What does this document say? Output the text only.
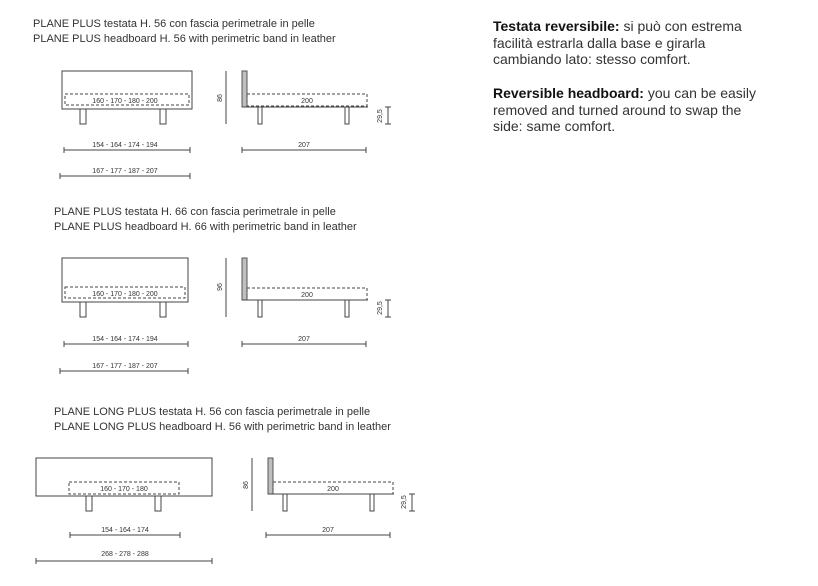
PLANE PLUS testata H. 56 con fascia perimetrale in pelle
PLANE PLUS headboard H. 56 with perimetric band in leather
160 - 170 - 180 - 200
154 - 164 - 174 - 194
167 - 177 - 187 - 207
86	200
29,5
207
PLANE PLUS testata H. 66 con fascia perimetrale in pelle
PLANE PLUS headboard H. 66 with perimetric band in leather
160 - 170 - 180 - 200
154 - 164 - 174 - 194
167 - 177 - 187 - 207
96
200
29,5
207
PLANE LONG PLUS testata H. 56 con fascia perimetrale in pelle
PLANE LONG PLUS headboard H. 56 with perimetric band in leather
160 - 170 - 180
154 - 164 - 174
268 - 278 - 288
86
200
29,5
207
Testata reversibile: si può con estrema facilità estrarla dalla base e girarla cambiando lato: stesso comfort.
Reversible headboard: you can be easily removed and turned around to swap the side: same comfort.
